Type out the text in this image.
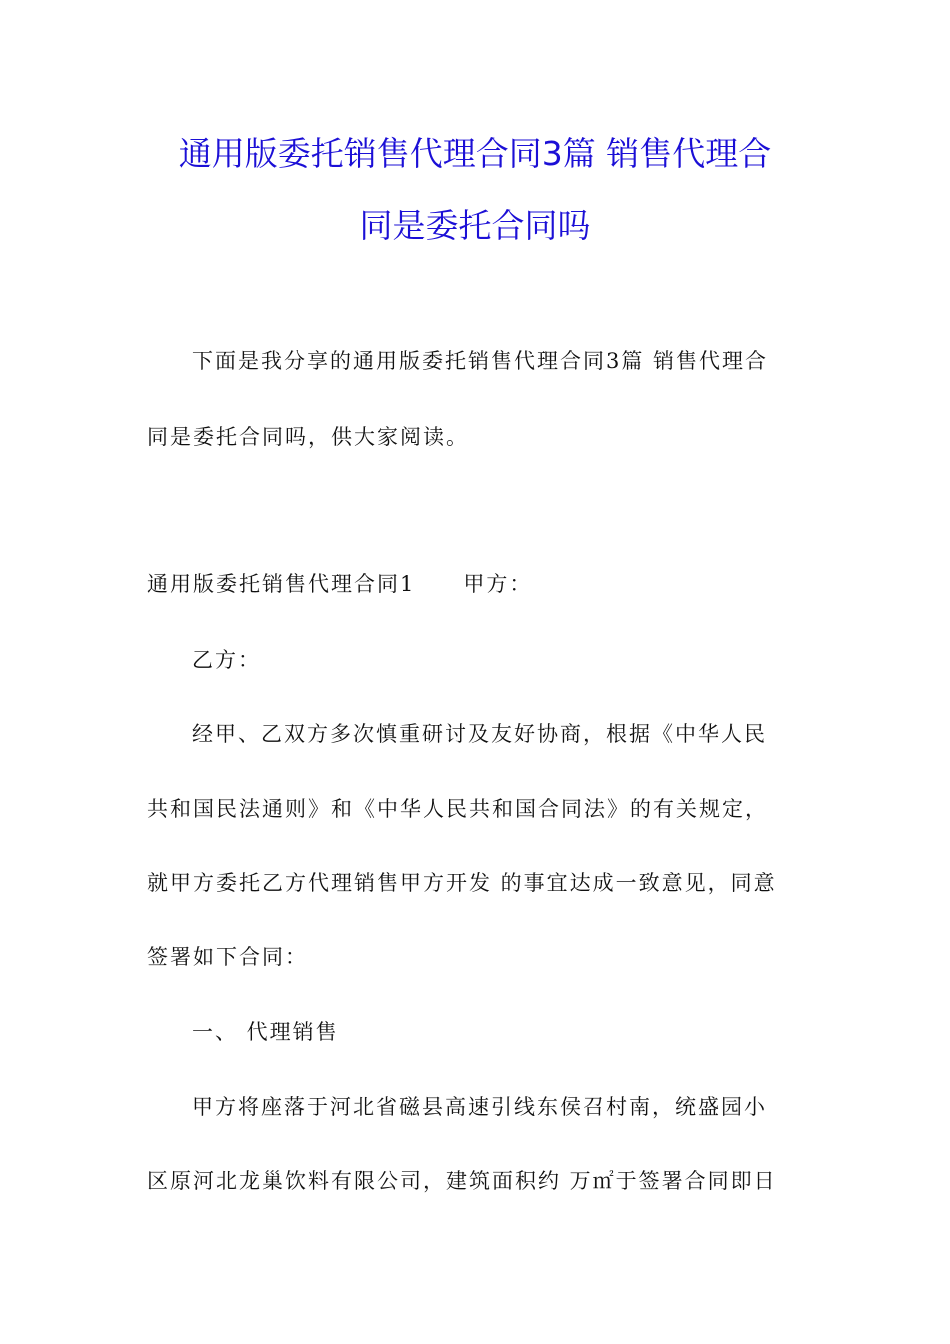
通用版委托销售代理合同3篇 销售代理合
同是委托合同吗
下面是我分享的通用版委托销售代理合同3篇 销售代理合
同是委托合同吗，供大家阅读。
通用版委托销售代理合同1 甲方：
乙方：
经甲、乙双方多次慎重研讨及友好协商，根据《中华人民
共和国民法通则》和《中华人民共和国合同法》的有关规定，
就甲方委托乙方代理销售甲方开发 的事宜达成一致意见，同意
签署如下合同：
一、 代理销售
甲方将座落于河北省磁县高速引线东侯召村南，统盛园小
区原河北龙巢饮料有限公司，建筑面积约 万㎡于签署合同即日
